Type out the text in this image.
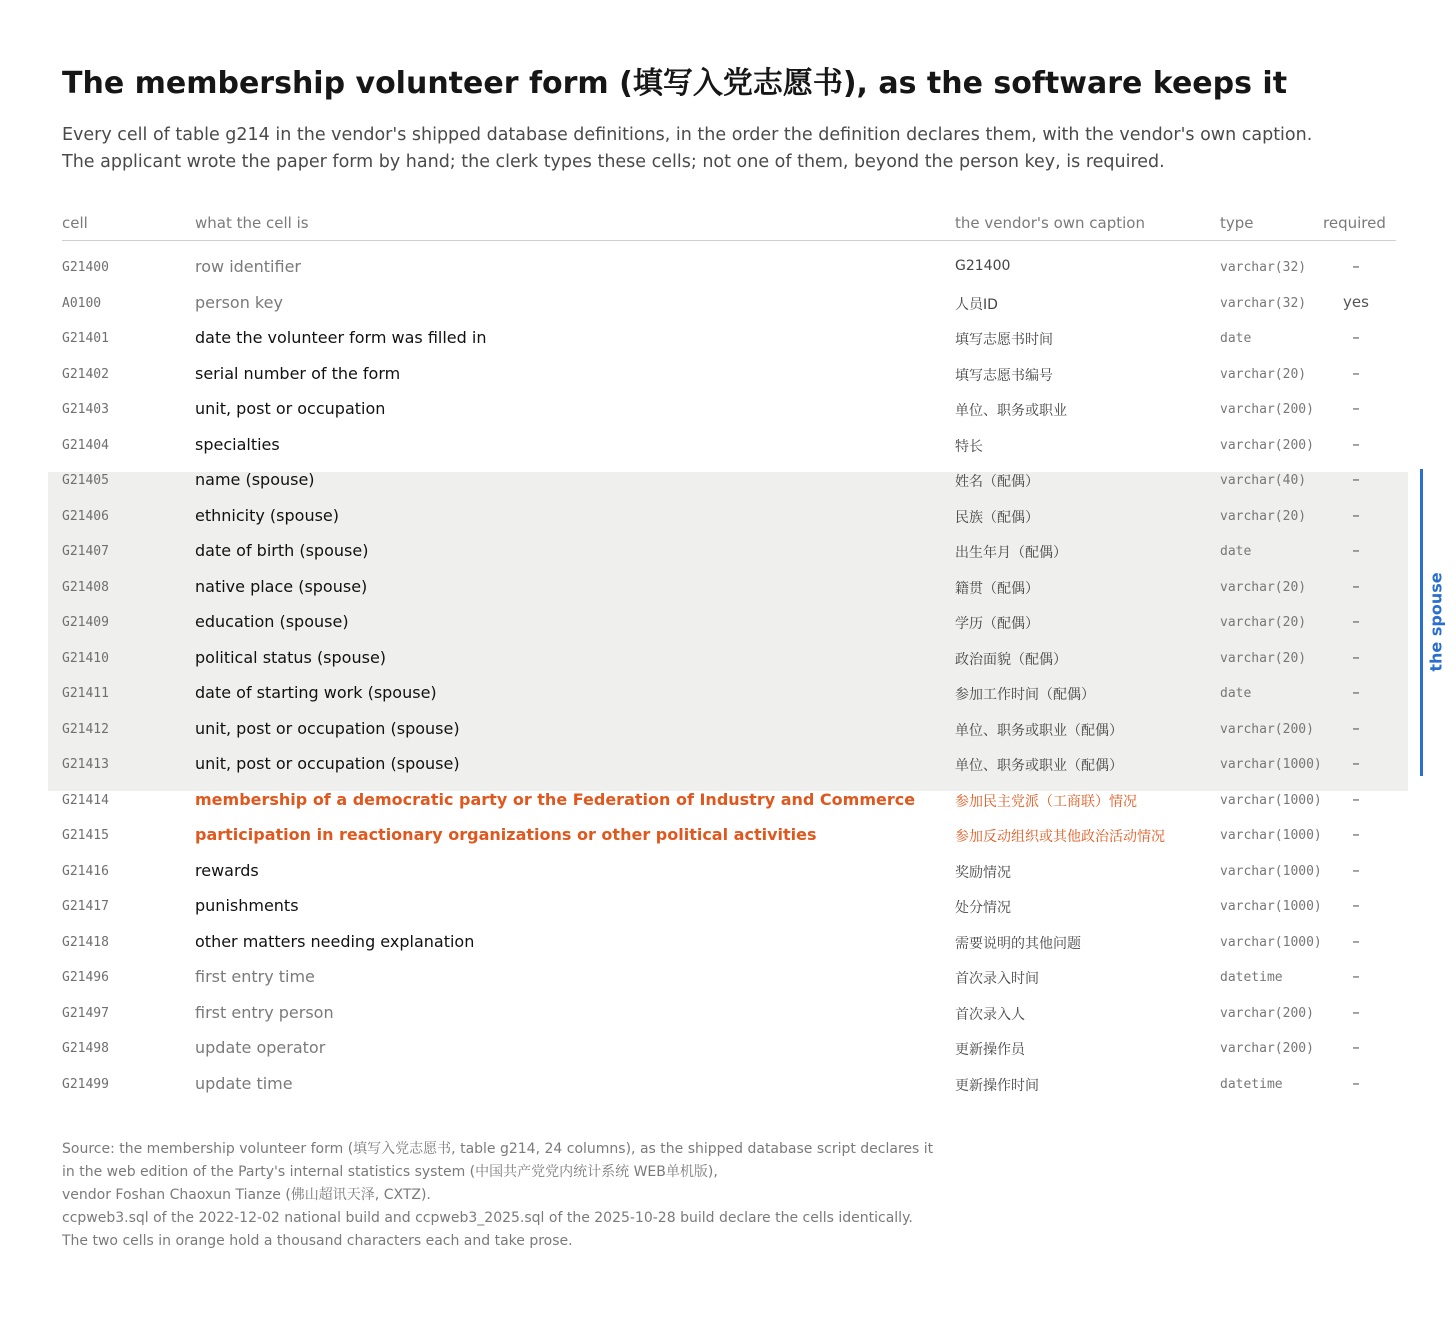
The membership volunteer form (填写入党志愿书), as the software keeps it

Every cell of table g214 in the vendor's shipped database definitions, in the order the definition declares them, with the vendor's own caption.

The applicant wrote the paper form by hand; the clerk types these cells; not one of them, beyond the person key, is required.

cell	what the cell is	the vendor's own caption	type	required
G21400	row identifier	G21400	varchar(32)	–
A0100	person key	人员ID	varchar(32)	yes
G21401	date the volunteer form was filled in	填写志愿书时间	date	–
G21402	serial number of the form	填写志愿书编号	varchar(20)	–
G21403	unit, post or occupation	单位、职务或职业	varchar(200)	–
G21404	specialties	特长	varchar(200)	–
G21405	name (spouse)	姓名（配偶）	varchar(40)	–
G21406	ethnicity (spouse)	民族（配偶）	varchar(20)	–
G21407	date of birth (spouse)	出生年月（配偶）	date	–
G21408	native place (spouse)	籍贯（配偶）	varchar(20)	–
G21409	education (spouse)	学历（配偶）	varchar(20)	–
G21410	political status (spouse)	政治面貌（配偶）	varchar(20)	–
G21411	date of starting work (spouse)	参加工作时间（配偶）	date	–
G21412	unit, post or occupation (spouse)	单位、职务或职业（配偶）	varchar(200)	–
G21413	unit, post or occupation (spouse)	单位、职务或职业（配偶）	varchar(1000)	–
G21414	membership of a democratic party or the Federation of Industry and Commerce	参加民主党派（工商联）情况	varchar(1000)	–
G21415	participation in reactionary organizations or other political activities	参加反动组织或其他政治活动情况	varchar(1000)	–
G21416	rewards	奖励情况	varchar(1000)	–
G21417	punishments	处分情况	varchar(1000)	–
G21418	other matters needing explanation	需要说明的其他问题	varchar(1000)	–
G21496	first entry time	首次录入时间	datetime	–
G21497	first entry person	首次录入人	varchar(200)	–
G21498	update operator	更新操作员	varchar(200)	–
G21499	update time	更新操作时间	datetime	–
the spouse

Source: the membership volunteer form (填写入党志愿书, table g214, 24 columns), as the shipped database script declares it

in the web edition of the Party's internal statistics system (中国共产党党内统计系统 WEB单机版),

vendor Foshan Chaoxun Tianze (佛山超讯天泽, CXTZ).

ccpweb3.sql of the 2022-12-02 national build and ccpweb3_2025.sql of the 2025-10-28 build declare the cells identically.

The two cells in orange hold a thousand characters each and take prose.
